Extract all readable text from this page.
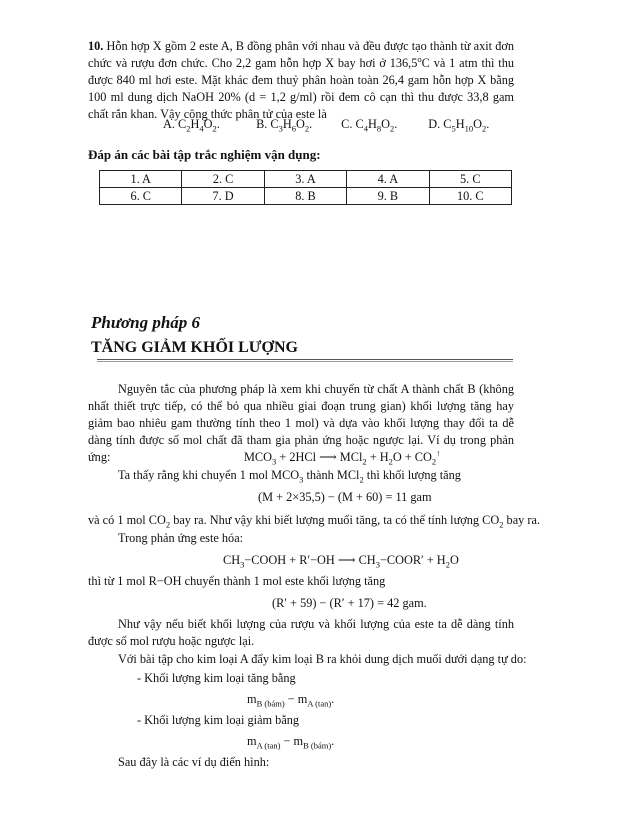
10. Hỗn hợp X gồm 2 este A, B đồng phân với nhau và đều được tạo thành từ axit đơn chức và rượu đơn chức. Cho 2,2 gam hỗn hợp X bay hơi ở 136,5$^o$C và 1 atm thì thu được 840 ml hơi este. Mặt khác đem thuỷ phân hoàn toàn 26,4 gam hỗn hợp X bằng 100 ml dung dịch NaOH 20% (d = 1,2 g/ml) rồi đem cô cạn thì thu được 33,8 gam chất rắn khan. Vậy công thức phân tử của este là
A. $C_2H_4O_2$.	B. $C_3H_6O_2$. C. $C_4H_8O_2$.	D. $C_5H_{10}O_2$.
Đáp án các bài tập trắc nghiệm vận dụng:
1. A	2. C	3. A	4. A	5. C
6. C	7. D	8. B	9. B	10. C
Phương pháp 6
TĂNG GIẢM KHỐI LƯỢNG
Nguyên tắc của phương pháp là xem khi chuyển từ chất A thành chất B (không nhất thiết trực tiếp, có thể bỏ qua nhiều giai đoạn trung gian) khối lượng tăng hay giảm bao nhiêu gam thường tính theo 1 mol) và dựa vào khối lượng thay đổi ta dễ dàng tính được số mol chất đã tham gia phản ứng hoặc ngược lại. Ví dụ trong phản ứng:	$MCO_3 + 2HCl$ ⟶ $MCl_2 + H_2O + CO_2^↑$
Ta thấy rằng khi chuyển 1 mol $MCO_3$ thành MCl$_2$ thì khối lượng tăng
(M + 2×35,5) − (M + 60) = 11 gam
và có 1 mol $CO_2$ bay ra. Như vậy khi biết lượng muối tăng, ta có thể tính lượng $CO_2$ bay ra.
Trong phản ứng este hóa:
$CH_3-COOH + R'-OH$ ⟶ $CH_3-COOR' + H_2O$
thì từ 1 mol R−OH chuyển thành 1 mol este khối lượng tăng
(R′ + 59) − (R′ + 17) = 42 gam.
Như vậy nếu biết khối lượng của rượu và khối lượng của este ta dễ dàng tính được số mol rượu hoặc ngược lại.
Với bài tập cho kim loại A đẩy kim loại B ra khỏi dung dịch muối dưới dạng tự do:
- Khối lượng kim loại tăng bằng
$m_{B (bám)} - m_{A (tan)}$.
- Khối lượng kim loại giảm bằng
$m_{A (tan)} - m_{B (bám)}$.
Sau đây là các ví dụ điển hình:
